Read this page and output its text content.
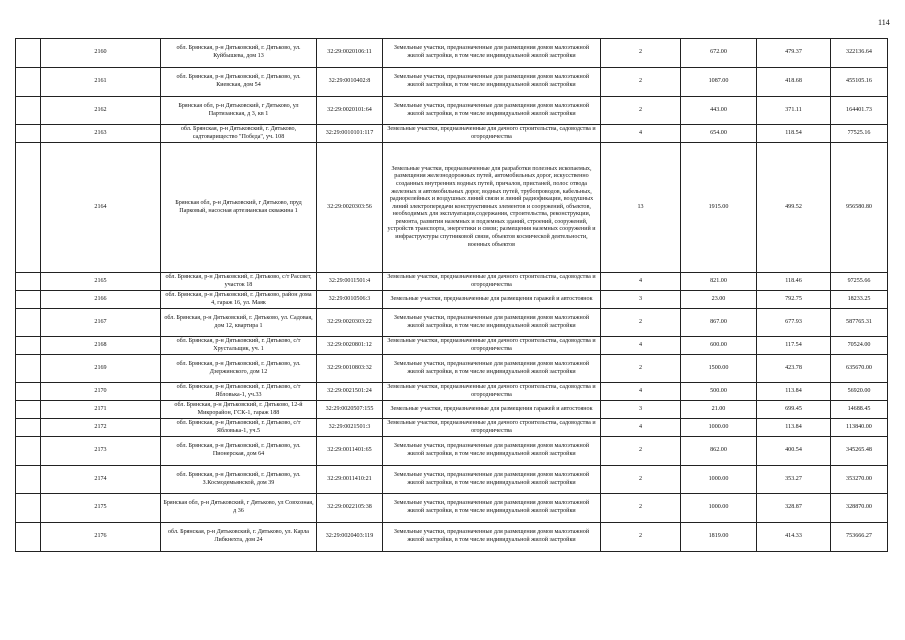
114
	2160	обл. Брянская, р-н Дятьковский, г. Дятьково, ул. Куйбышева, дом 13	32:29:0020106:11	Земельные участки, предназначенные для размещения домов малоэтажной жилой застройки, в том числе индивидуальной жилой застройки	2	672.00	479.37	322136.64
	2161	обл. Брянская, р-н Дятьковский, г. Дятьково, ул. Киевская, дом 54	32:29:0010402:8	Земельные участки, предназначенные для размещения домов малоэтажной жилой застройки, в том числе индивидуальной жилой застройки	2	1087.00	418.68	455105.16
	2162	Брянская обл, р-н Дятьковский, г Дятьково, ул Партизанская, д 3, кв 1	32:29:0020101:64	Земельные участки, предназначенные для размещения домов малоэтажной жилой застройки, в том числе индивидуальной жилой застройки	2	443.00	371.11	164401.73
	2163	обл. Брянская, р-н Дятьковский, г. Дятьково, садтоварищество "Победа", уч. 108	32:29:0010101:117	Земельные участки, предназначенные для дачного строительства, садоводства и огородничества	4	654.00	118.54	77525.16
	2164	Брянская обл, р-н Дятьковский, г Дятьково, пруд Парковый, насосная артезианская скважина 1	32:29:0020303:56	Земельные участки, предназначенные для разработки полезных ископаемых, размещения железнодорожных путей, автомобильных дорог, искусственно созданных внутренних водных путей, причалов, пристаней, полос отвода железных и автомобильных дорог, водных путей, трубопроводов, кабельных, радиорелейных и воздушных линий связи и линий радиофикации, воздушных линий электропередачи конструктивных элементов и сооружений, объектов, необходимых для эксплуатации,содержания, строительства, реконструкции, ремонта, развития наземных и подземных зданий, строений, сооружений, устройств транспорта, энергетики и связи; размещения наземных сооружений и инфраструктуры спутниковой связи, объектов космической деятельности, военных объектов	13	1915.00	499.52	956580.80
	2165	обл. Брянская, р-н Дятьковский, г. Дятьково, с/т Рассвет, участок 18	32:29:0011501:4	Земельные участки, предназначенные для дачного строительства, садоводства и огородничества	4	821.00	118.46	97255.66
	2166	обл. Брянская, р-н Дятьковский, г. Дятьково, район дома 4, гараж 16, ул. Маяк	32:29:0010506:3	Земельные участки, предназначенные для размещения гаражей и автостоянок	3	23.00	792.75	18233.25
	2167	обл. Брянская, р-н Дятьковский, г. Дятьково, ул. Садовая, дом 12, квартира 1	32:29:0020303:22	Земельные участки, предназначенные для размещения домов малоэтажной жилой застройки, в том числе индивидуальной жилой застройки	2	867.00	677.93	587765.31
	2168	обл. Брянская, р-н Дятьковский, г. Дятьково, с/т Хрустальщик, уч. 1	32:29:0020801:12	Земельные участки, предназначенные для дачного строительства, садоводства и огородничества	4	600.00	117.54	70524.00
	2169	обл. Брянская, р-н Дятьковский, г. Дятьково, ул. Дзержинского, дом 12	32:29:0010803:32	Земельные участки, предназначенные для размещения домов малоэтажной жилой застройки, в том числе индивидуальной жилой застройки	2	1500.00	423.78	635670.00
	2170	обл. Брянская, р-н Дятьковский, г. Дятьково, с/т Ябловька-1, уч.33	32:29:0021501:24	Земельные участки, предназначенные для дачного строительства, садоводства и огородничества	4	500.00	113.84	56920.00
	2171	обл. Брянская, р-н Дятьковский, г. Дятьково, 12-й Микрорайон, ГСК-1, гараж 188	32:29:0020507:155	Земельные участки, предназначенные для размещения гаражей и автостоянок	3	21.00	699.45	14688.45
	2172	обл. Брянская, р-н Дятьковский, г. Дятьково, с/т Ябловька-1, уч.5	32:29:0021501:3	Земельные участки, предназначенные для дачного строительства, садоводства и огородничества	4	1000.00	113.84	113840.00
	2173	обл. Брянская, р-н Дятьковский, г. Дятьково, ул. Пионерская, дом 64	32:29:0011401:65	Земельные участки, предназначенные для размещения домов малоэтажной жилой застройки, в том числе индивидуальной жилой застройки	2	862.00	400.54	345265.48
	2174	обл. Брянская, р-н Дятьковский, г. Дятьково, ул. З.Космодемьянской, дом 39	32:29:0011410:21	Земельные участки, предназначенные для размещения домов малоэтажной жилой застройки, в том числе индивидуальной жилой застройки	2	1000.00	353.27	353270.00
	2175	Брянская обл, р-н Дятьковский, г Дятьково, ул Совхозная, д 36	32:29:0022105:38	Земельные участки, предназначенные для размещения домов малоэтажной жилой застройки, в том числе индивидуальной жилой застройки	2	1000.00	328.87	328870.00
	2176	обл. Брянская, р-н Дятьковский, г. Дятьково, ул. Карла Либкнехта, дом 24	32:29:0020403:119	Земельные участки, предназначенные для размещения домов малоэтажной жилой застройки, в том числе индивидуальной жилой застройки	2	1819.00	414.33	753666.27
